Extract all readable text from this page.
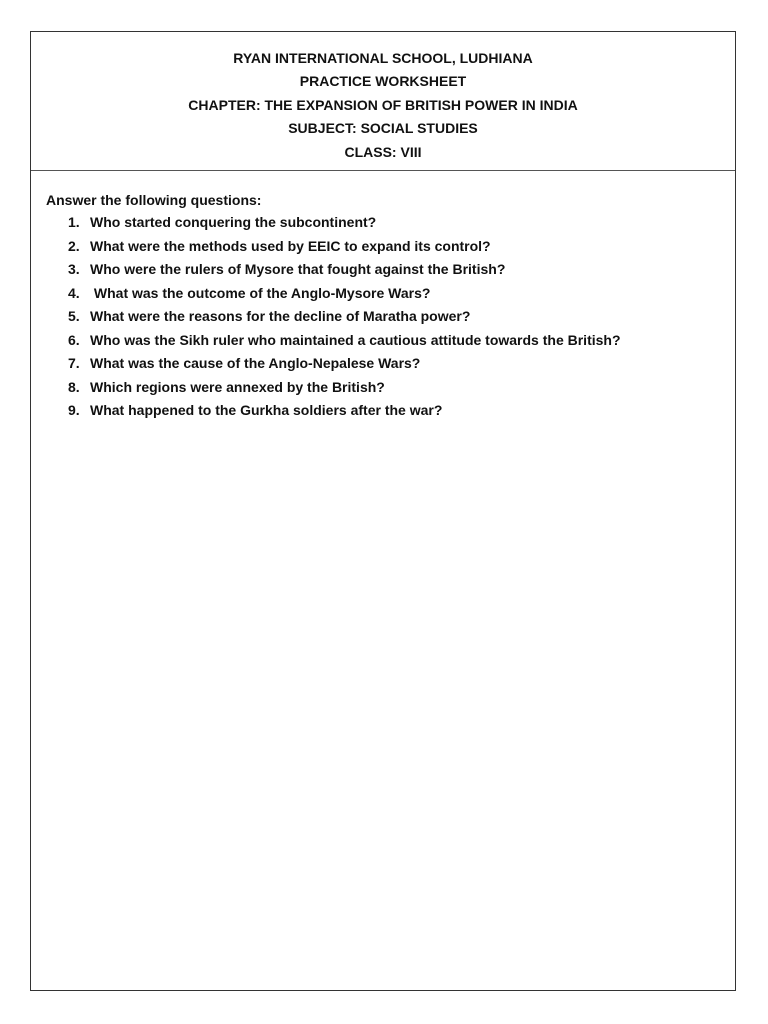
RYAN INTERNATIONAL SCHOOL, LUDHIANA
PRACTICE WORKSHEET
CHAPTER: THE EXPANSION OF BRITISH POWER IN INDIA
SUBJECT: SOCIAL STUDIES
CLASS: VIII
Answer the following questions:
1. Who started conquering the subcontinent?
2. What were the methods used by EEIC to expand its control?
3. Who were the rulers of Mysore that fought against the British?
4. What was the outcome of the Anglo-Mysore Wars?
5. What were the reasons for the decline of Maratha power?
6. Who was the Sikh ruler who maintained a cautious attitude towards the British?
7. What was the cause of the Anglo-Nepalese Wars?
8. Which regions were annexed by the British?
9. What happened to the Gurkha soldiers after the war?
